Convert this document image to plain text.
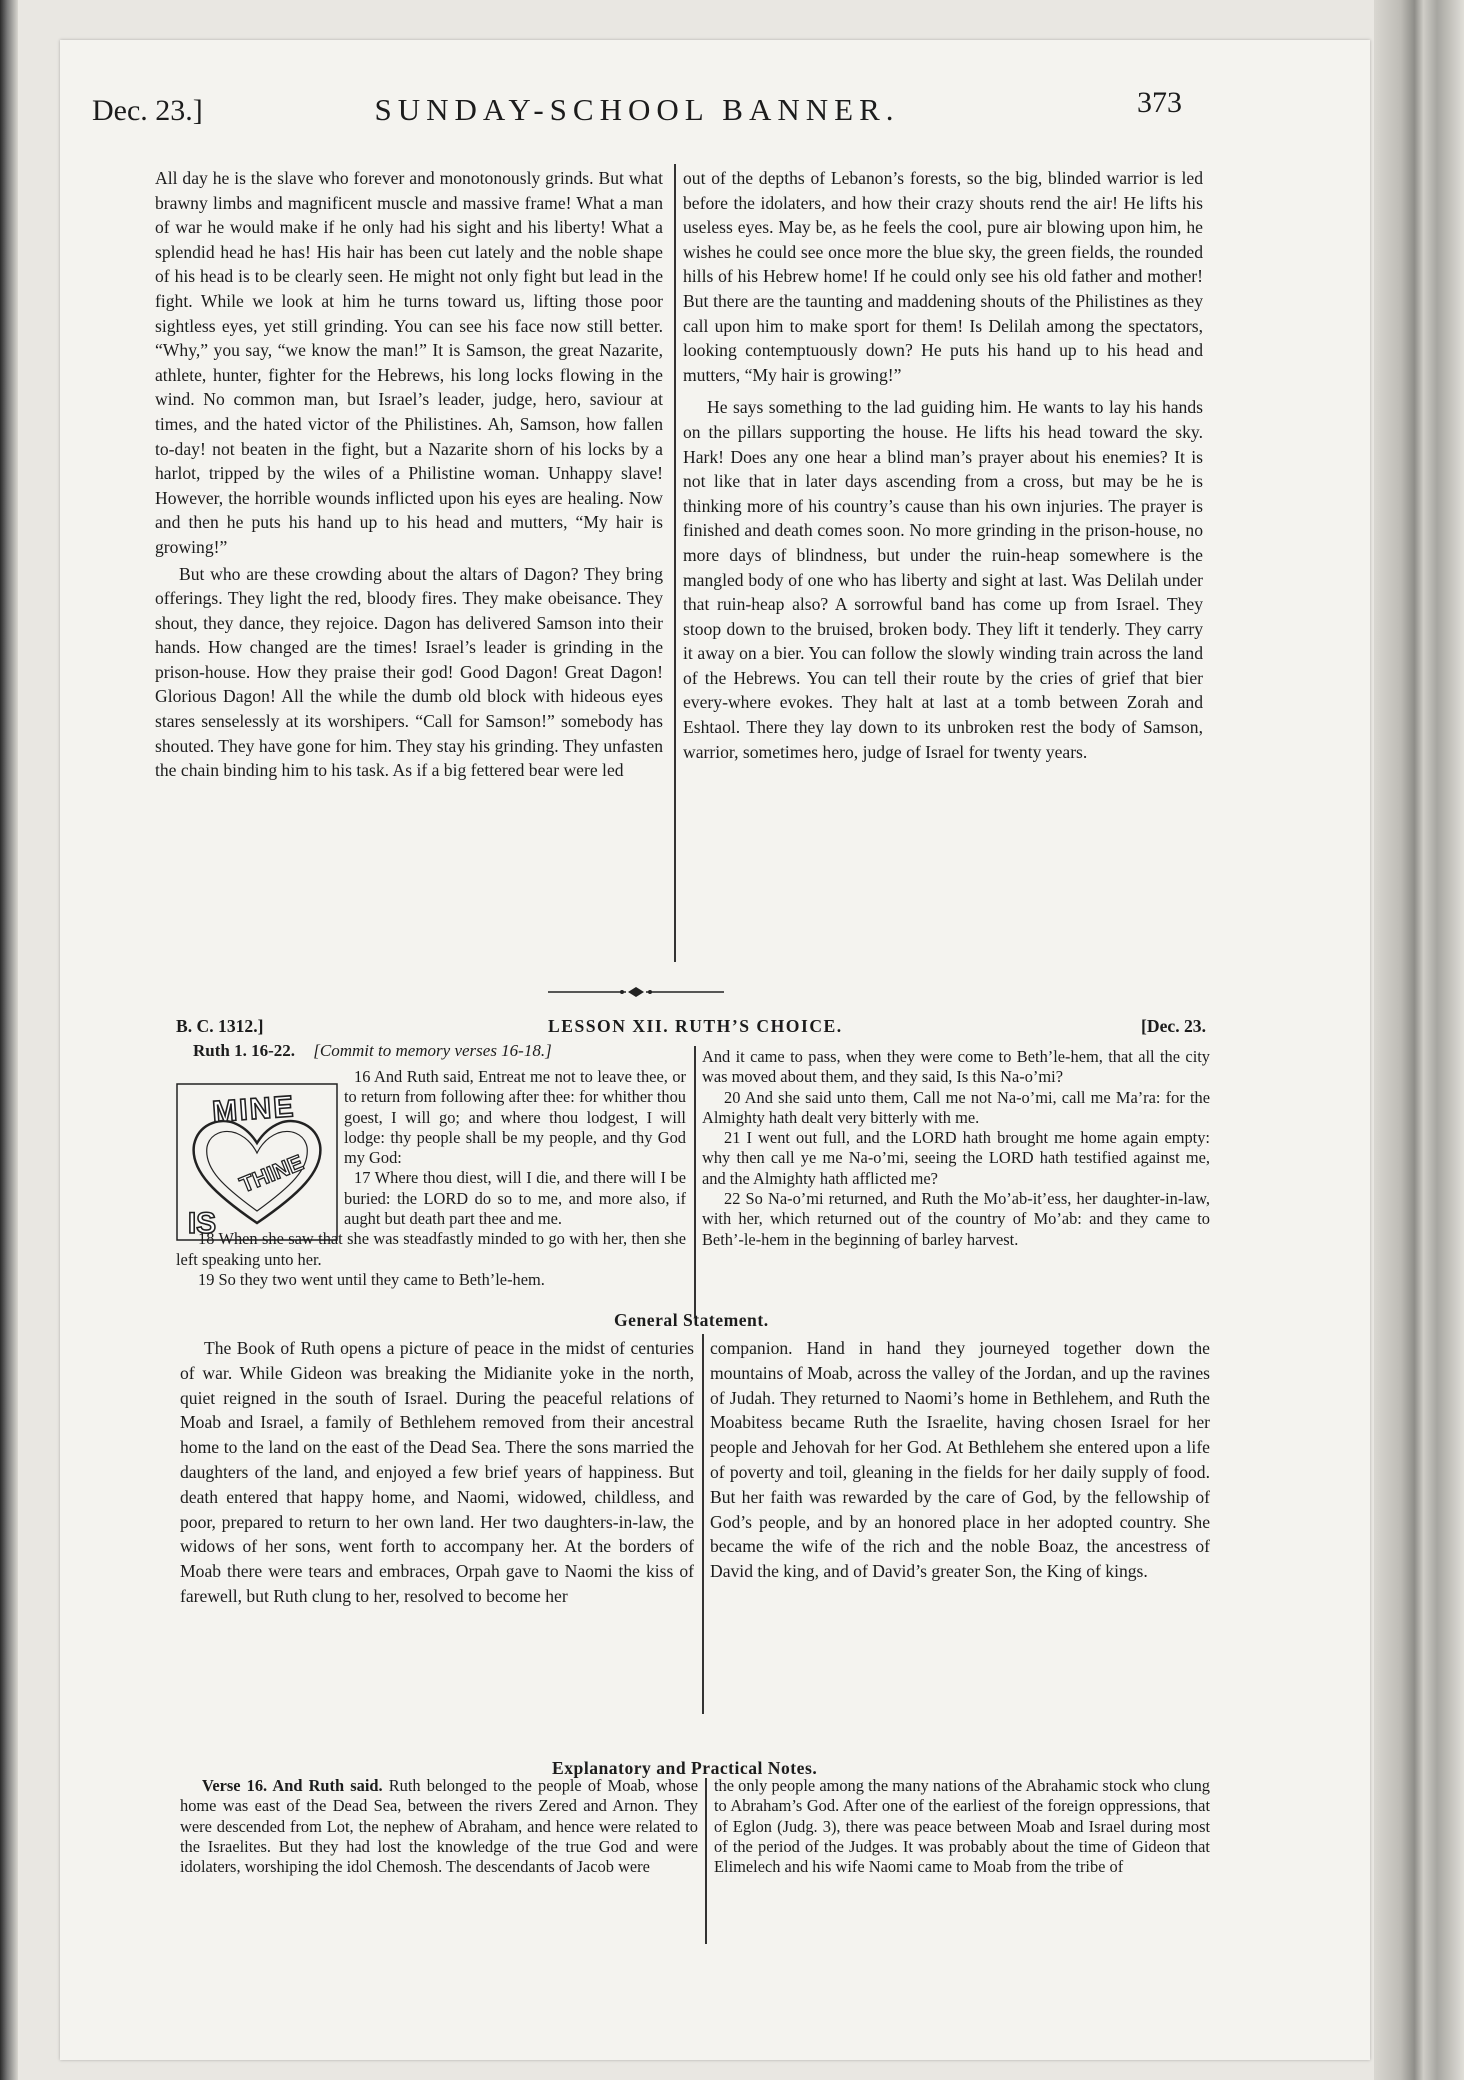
Dec. 23.]	SUNDAY-SCHOOL BANNER.	373

All day he is the slave who forever and monotonously grinds. But what brawny limbs and magnificent muscle and massive frame! What a man of war he would make if he only had his sight and his liberty! What a splendid head he has! His hair has been cut lately and the noble shape of his head is to be clearly seen. He might not only fight but lead in the fight. While we look at him he turns toward us, lifting those poor sightless eyes, yet still grinding. You can see his face now still better. “Why,” you say, “we know the man!” It is Samson, the great Nazarite, athlete, hunter, fighter for the Hebrews, his long locks flowing in the wind. No common man, but Israel’s leader, judge, hero, saviour at times, and the hated victor of the Philistines. Ah, Samson, how fallen to-day! not beaten in the fight, but a Nazarite shorn of his locks by a harlot, tripped by the wiles of a Philistine woman. Unhappy slave! However, the horrible wounds inflicted upon his eyes are healing. Now and then he puts his hand up to his head and mutters, “My hair is growing!”

But who are these crowding about the altars of Dagon? They bring offerings. They light the red, bloody fires. They make obeisance. They shout, they dance, they rejoice. Dagon has delivered Samson into their hands. How changed are the times! Israel’s leader is grinding in the prison-house. How they praise their god! Good Dagon! Great Dagon! Glorious Dagon! All the while the dumb old block with hideous eyes stares senselessly at its worshipers. “Call for Samson!” somebody has shouted. They have gone for him. They stay his grinding. They unfasten the chain binding him to his task. As if a big fettered bear were led

out of the depths of Lebanon’s forests, so the big, blinded warrior is led before the idolaters, and how their crazy shouts rend the air! He lifts his useless eyes. May be, as he feels the cool, pure air blowing upon him, he wishes he could see once more the blue sky, the green fields, the rounded hills of his Hebrew home! If he could only see his old father and mother! But there are the taunting and maddening shouts of the Philistines as they call upon him to make sport for them! Is Delilah among the spectators, looking contemptuously down? He puts his hand up to his head and mutters, “My hair is growing!”

He says something to the lad guiding him. He wants to lay his hands on the pillars supporting the house. He lifts his head toward the sky. Hark! Does any one hear a blind man’s prayer about his enemies? It is not like that in later days ascending from a cross, but may be he is thinking more of his country’s cause than his own injuries. The prayer is finished and death comes soon. No more grinding in the prison-house, no more days of blindness, but under the ruin-heap somewhere is the mangled body of one who has liberty and sight at last. Was Delilah under that ruin-heap also? A sorrowful band has come up from Israel. They stoop down to the bruised, broken body. They lift it tenderly. They carry it away on a bier. You can follow the slowly winding train across the land of the Hebrews. You can tell their route by the cries of grief that bier every-where evokes. They halt at last at a tomb between Zorah and Eshtaol. There they lay down to its unbroken rest the body of Samson, warrior, sometimes hero, judge of Israel for twenty years.

B. C. 1312.]	LESSON XII. RUTH’S CHOICE.	[Dec. 23.
Ruth 1. 16-22. [Commit to memory verses 16-18.]
MINE
THINE
IS

16 And Ruth said, Entreat me not to leave thee, or to return from following after thee: for whither thou goest, I will go; and where thou lodgest, I will lodge: thy people shall be my people, and thy God my God:

17 Where thou diest, will I die, and there will I be buried: the LORD do so to me, and more also, if aught but death part thee and me.

18 When she saw that she was steadfastly minded to go with her, then she left speaking unto her.

19 So they two went until they came to Beth’le-hem.

And it came to pass, when they were come to Beth’le-hem, that all the city was moved about them, and they said, Is this Na-o’mi?

20 And she said unto them, Call me not Na-o’mi, call me Ma’ra: for the Almighty hath dealt very bitterly with me.

21 I went out full, and the LORD hath brought me home again empty: why then call ye me Na-o’mi, seeing the LORD hath testified against me, and the Almighty hath afflicted me?

22 So Na-o’mi returned, and Ruth the Mo’ab-it’ess, her daughter-in-law, with her, which returned out of the country of Mo’ab: and they came to Beth’-le-hem in the beginning of barley harvest.

General Statement.

The Book of Ruth opens a picture of peace in the midst of centuries of war. While Gideon was breaking the Midianite yoke in the north, quiet reigned in the south of Israel. During the peaceful relations of Moab and Israel, a family of Bethlehem removed from their ancestral home to the land on the east of the Dead Sea. There the sons married the daughters of the land, and enjoyed a few brief years of happiness. But death entered that happy home, and Naomi, widowed, childless, and poor, prepared to return to her own land. Her two daughters-in-law, the widows of her sons, went forth to accompany her. At the borders of Moab there were tears and embraces, Orpah gave to Naomi the kiss of farewell, but Ruth clung to her, resolved to become her

companion. Hand in hand they journeyed together down the mountains of Moab, across the valley of the Jordan, and up the ravines of Judah. They returned to Naomi’s home in Bethlehem, and Ruth the Moabitess became Ruth the Israelite, having chosen Israel for her people and Jehovah for her God. At Bethlehem she entered upon a life of poverty and toil, gleaning in the fields for her daily supply of food. But her faith was rewarded by the care of God, by the fellowship of God’s people, and by an honored place in her adopted country. She became the wife of the rich and the noble Boaz, the ancestress of David the king, and of David’s greater Son, the King of kings.

Explanatory and Practical Notes.

Verse 16. And Ruth said. Ruth belonged to the people of Moab, whose home was east of the Dead Sea, between the rivers Zered and Arnon. They were descended from Lot, the nephew of Abraham, and hence were related to the Israelites. But they had lost the knowledge of the true God and were idolaters, worshiping the idol Chemosh. The descendants of Jacob were

the only people among the many nations of the Abrahamic stock who clung to Abraham’s God. After one of the earliest of the foreign oppressions, that of Eglon (Judg. 3), there was peace between Moab and Israel during most of the period of the Judges. It was probably about the time of Gideon that Elimelech and his wife Naomi came to Moab from the tribe of
